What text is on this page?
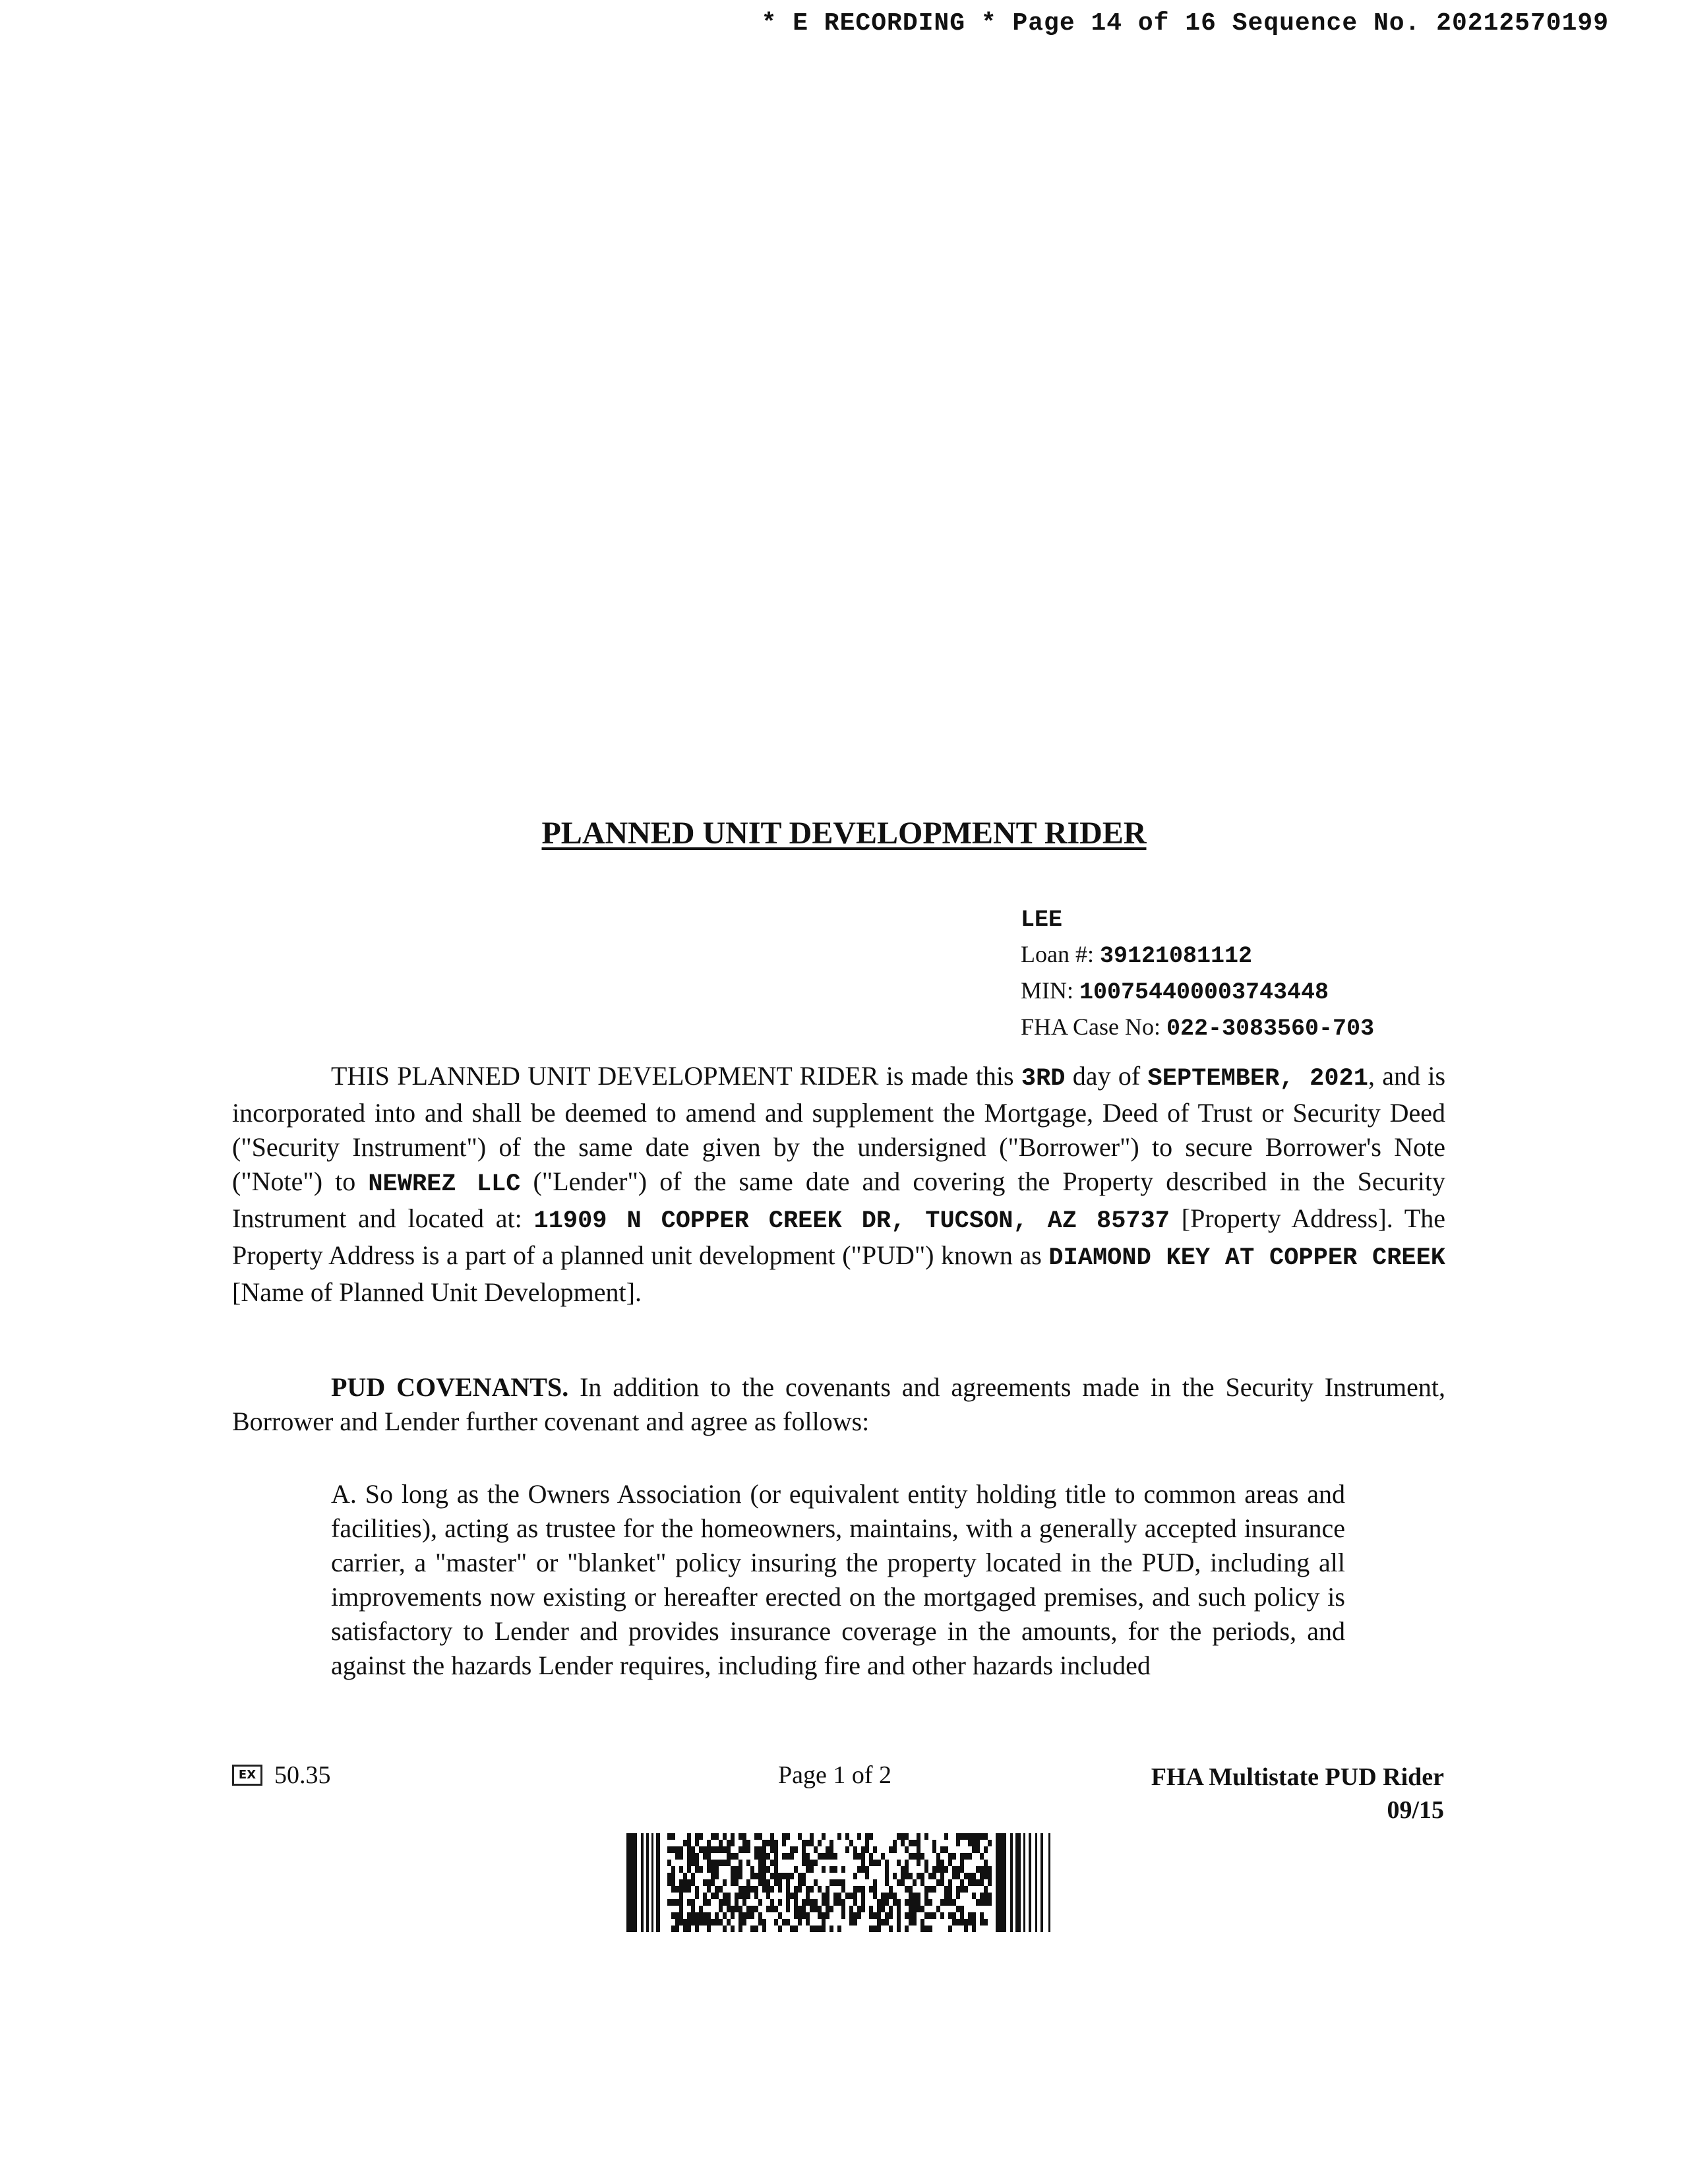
* E RECORDING * Page 14 of 16 Sequence No. 20212570199
PLANNED UNIT DEVELOPMENT RIDER
LEE
Loan #: 39121081112
MIN: 100754400003743448
FHA Case No: 022-3083560-703
THIS PLANNED UNIT DEVELOPMENT RIDER is made this 3RD day of SEPTEMBER, 2021, and is incorporated into and shall be deemed to amend and supplement the Mortgage, Deed of Trust or Security Deed ("Security Instrument") of the same date given by the undersigned ("Borrower") to secure Borrower's Note ("Note") to NEWREZ LLC ("Lender") of the same date and covering the Property described in the Security Instrument and located at: 11909 N COPPER CREEK DR, TUCSON, AZ 85737 [Property Address]. The Property Address is a part of a planned unit development ("PUD") known as DIAMOND KEY AT COPPER CREEK [Name of Planned Unit Development].
PUD COVENANTS. In addition to the covenants and agreements made in the Security Instrument, Borrower and Lender further covenant and agree as follows:
A. So long as the Owners Association (or equivalent entity holding title to common areas and facilities), acting as trustee for the homeowners, maintains, with a generally accepted insurance carrier, a "master" or "blanket" policy insuring the property located in the PUD, including all improvements now existing or hereafter erected on the mortgaged premises, and such policy is satisfactory to Lender and provides insurance coverage in the amounts, for the periods, and against the hazards Lender requires, including fire and other hazards included
EX 50.35	Page 1 of 2	FHA Multistate PUD Rider
09/15
